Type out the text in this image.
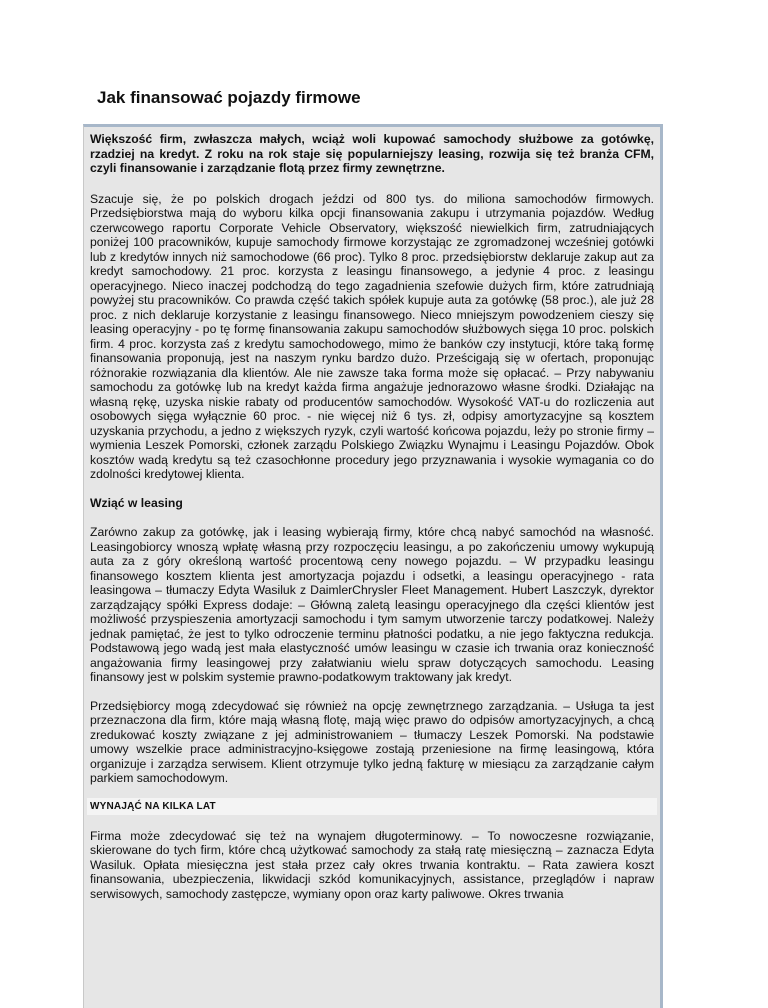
Jak finansować pojazdy firmowe

Większość firm, zwłaszcza małych, wciąż woli kupować samochody służbowe za gotówkę, rzadziej na kredyt. Z roku na rok staje się popularniejszy leasing, rozwija się też branża CFM, czyli finansowanie i zarządzanie flotą przez firmy zewnętrzne.

Szacuje się, że po polskich drogach jeździ od 800 tys. do miliona samochodów firmowych. Przedsiębiorstwa mają do wyboru kilka opcji finansowania zakupu i utrzymania pojazdów. Według czerwcowego raportu Corporate Vehicle Observatory, większość niewielkich firm, zatrudniających poniżej 100 pracowników, kupuje samochody firmowe korzystając ze zgromadzonej wcześniej gotówki lub z kredytów innych niż samochodowe (66 proc). Tylko 8 proc. przedsiębiorstw deklaruje zakup aut za kredyt samochodowy. 21 proc. korzysta z leasingu finansowego, a jedynie 4 proc. z leasingu operacyjnego. Nieco inaczej podchodzą do tego zagadnienia szefowie dużych firm, które zatrudniają powyżej stu pracowników. Co prawda część takich spółek kupuje auta za gotówkę (58 proc.), ale już 28 proc. z nich deklaruje korzystanie z leasingu finansowego. Nieco mniejszym powodzeniem cieszy się leasing operacyjny - po tę formę finansowania zakupu samochodów służbowych sięga 10 proc. polskich firm. 4 proc. korzysta zaś z kredytu samochodowego, mimo że banków czy instytucji, które taką formę finansowania proponują, jest na naszym rynku bardzo dużo. Prześcigają się w ofertach, proponując różnorakie rozwiązania dla klientów. Ale nie zawsze taka forma może się opłacać. – Przy nabywaniu samochodu za gotówkę lub na kredyt każda firma angażuje jednorazowo własne środki. Działając na własną rękę, uzyska niskie rabaty od producentów samochodów. Wysokość VAT-u do rozliczenia aut osobowych sięga wyłącznie 60 proc. - nie więcej niż 6 tys. zł, odpisy amortyzacyjne są kosztem uzyskania przychodu, a jedno z większych ryzyk, czyli wartość końcowa pojazdu, leży po stronie firmy – wymienia Leszek Pomorski, członek zarządu Polskiego Związku Wynajmu i Leasingu Pojazdów. Obok kosztów wadą kredytu są też czasochłonne procedury jego przyznawania i wysokie wymagania co do zdolności kredytowej klienta.

Wziąć w leasing

Zarówno zakup za gotówkę, jak i leasing wybierają firmy, które chcą nabyć samochód na własność. Leasingobiorcy wnoszą wpłatę własną przy rozpoczęciu leasingu, a po zakończeniu umowy wykupują auta za z góry określoną wartość procentową ceny nowego pojazdu. – W przypadku leasingu finansowego kosztem klienta jest amortyzacja pojazdu i odsetki, a leasingu operacyjnego - rata leasingowa – tłumaczy Edyta Wasiluk z DaimlerChrysler Fleet Management. Hubert Laszczyk, dyrektor zarządzający spółki Express dodaje: – Główną zaletą leasingu operacyjnego dla części klientów jest możliwość przyspieszenia amortyzacji samochodu i tym samym utworzenie tarczy podatkowej. Należy jednak pamiętać, że jest to tylko odroczenie terminu płatności podatku, a nie jego faktyczna redukcja. Podstawową jego wadą jest mała elastyczność umów leasingu w czasie ich trwania oraz konieczność angażowania firmy leasingowej przy załatwianiu wielu spraw dotyczących samochodu. Leasing finansowy jest w polskim systemie prawno-podatkowym traktowany jak kredyt.

Przedsiębiorcy mogą zdecydować się również na opcję zewnętrznego zarządzania. – Usługa ta jest przeznaczona dla firm, które mają własną flotę, mają więc prawo do odpisów amortyzacyjnych, a chcą zredukować koszty związane z jej administrowaniem – tłumaczy Leszek Pomorski. Na podstawie umowy wszelkie prace administracyjno-księgowe zostają przeniesione na firmę leasingową, która organizuje i zarządza serwisem. Klient otrzymuje tylko jedną fakturę w miesiącu za zarządzanie całym parkiem samochodowym.

WYNAJĄĆ NA KILKA LAT

Firma może zdecydować się też na wynajem długoterminowy. – To nowoczesne rozwiązanie, skierowane do tych firm, które chcą użytkować samochody za stałą ratę miesięczną – zaznacza Edyta Wasiluk. Opłata miesięczna jest stała przez cały okres trwania kontraktu. – Rata zawiera koszt finansowania, ubezpieczenia, likwidacji szkód komunikacyjnych, assistance, przeglądów i napraw serwisowych, samochody zastępcze, wymiany opon oraz karty paliwowe. Okres trwania
